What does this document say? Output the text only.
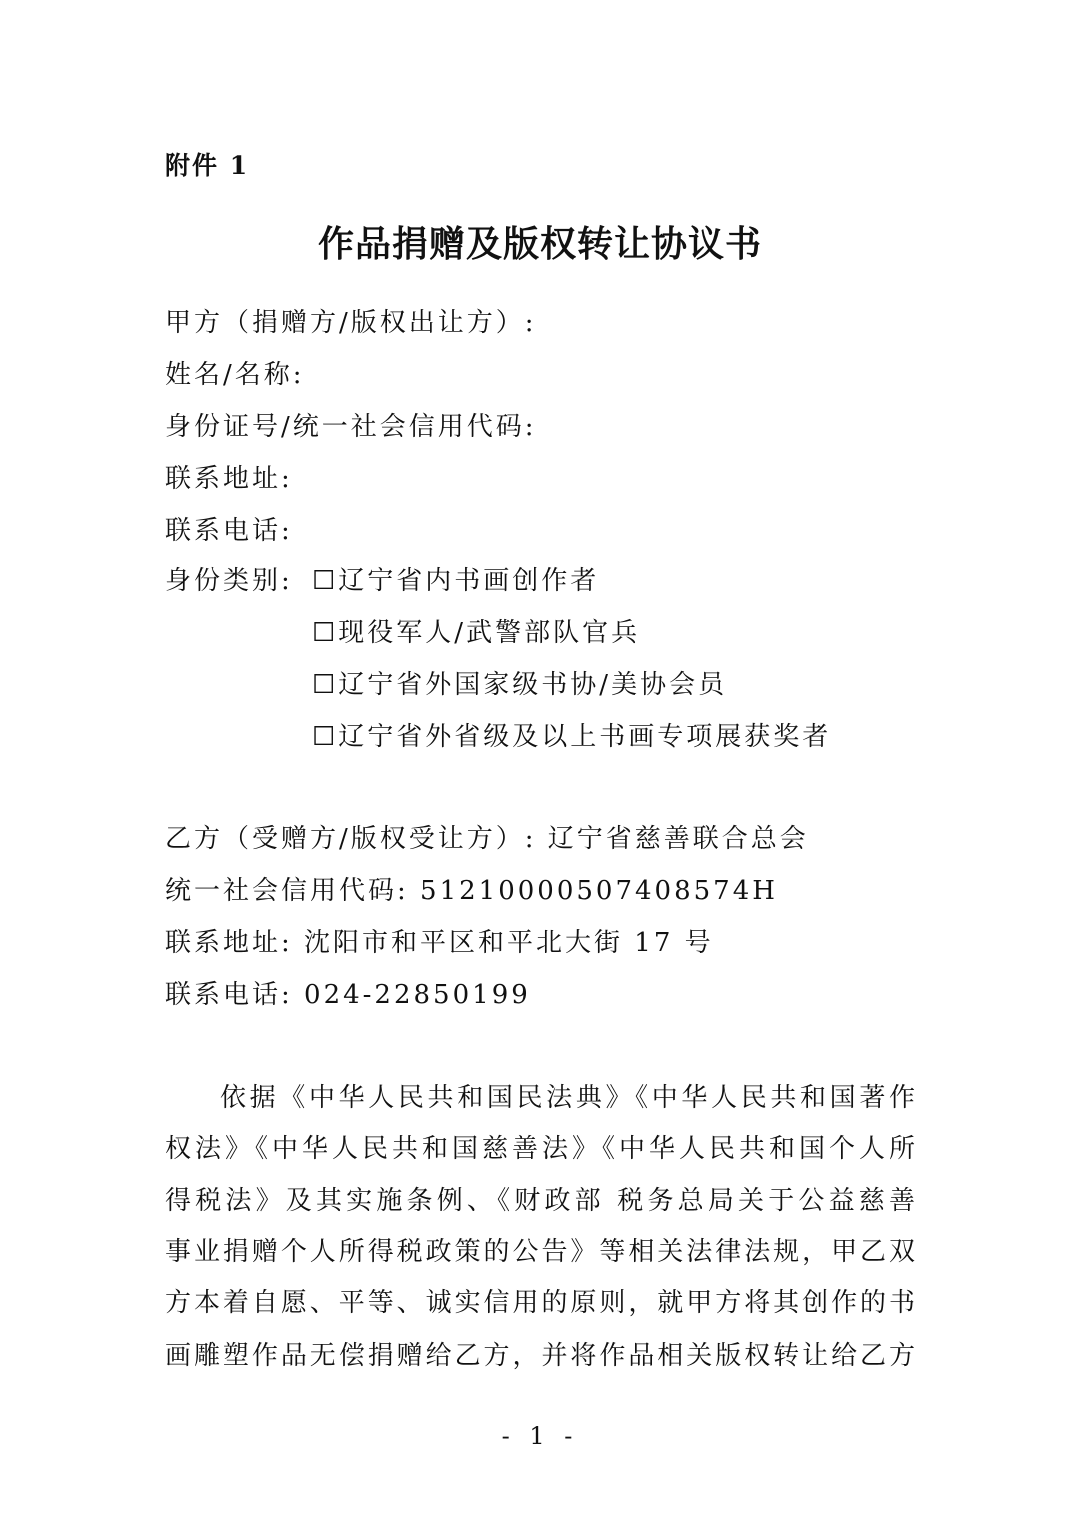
附件 1
作品捐赠及版权转让协议书
甲方（捐赠方/版权出让方）:
姓名/名称:
身份证号/统一社会信用代码:
联系地址:
联系电话:
身份类别: ☐辽宁省内书画创作者
☐现役军人/武警部队官兵
☐辽宁省外国家级书协/美协会员
☐辽宁省外省级及以上书画专项展获奖者
乙方（受赠方/版权受让方）: 辽宁省慈善联合总会
统一社会信用代码: 51210000507408574H
联系地址: 沈阳市和平区和平北大街 17 号
联系电话: 024-22850199
依据《中华人民共和国民法典》《中华人民共和国著作
权法》《中华人民共和国慈善法》《中华人民共和国个人所
得税法》及其实施条例、《财政部 税务总局关于公益慈善
事业捐赠个人所得税政策的公告》等相关法律法规，甲乙双
方本着自愿、平等、诚实信用的原则，就甲方将其创作的书
画雕塑作品无偿捐赠给乙方，并将作品相关版权转让给乙方
- 1 -
